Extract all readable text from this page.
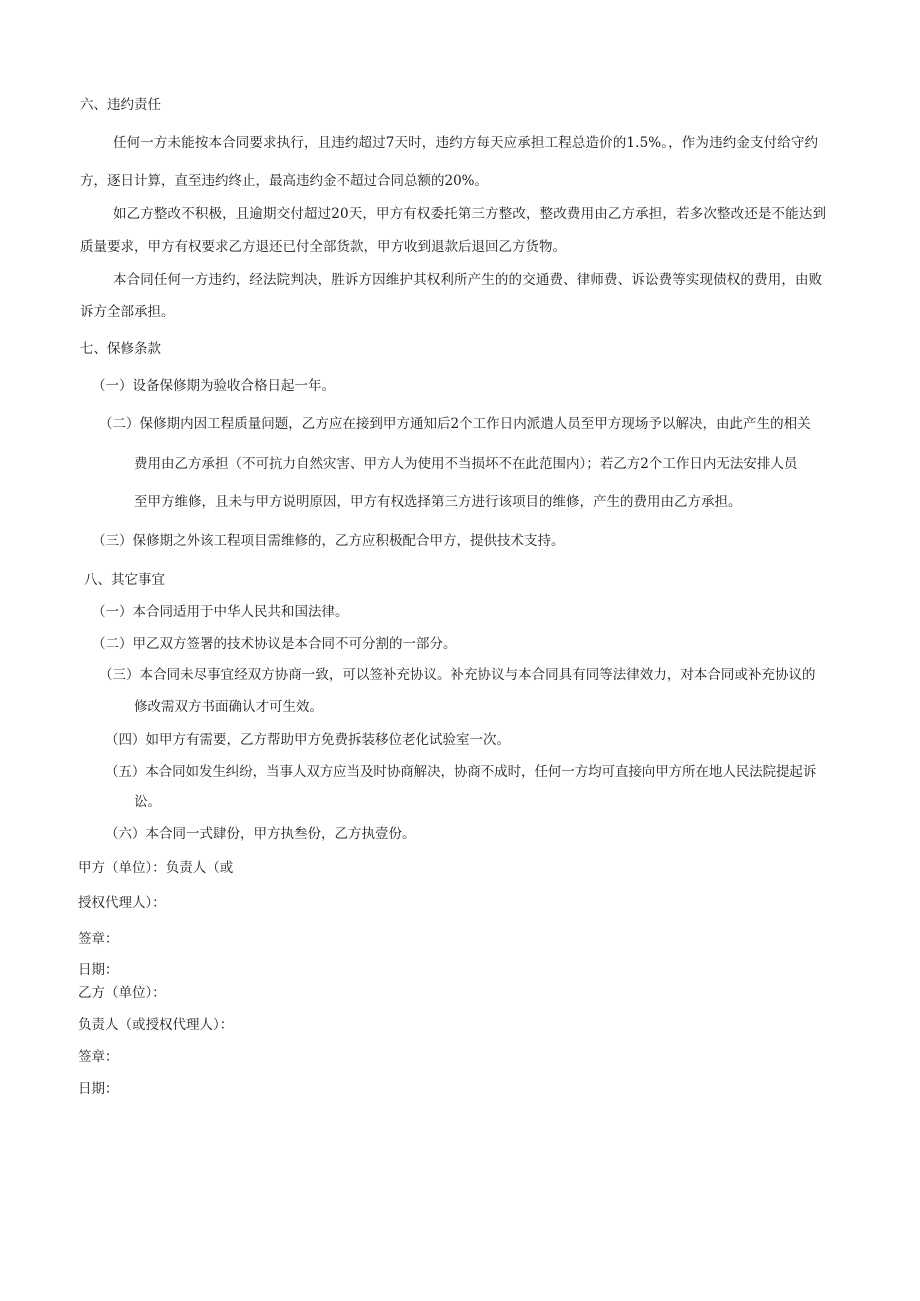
六、违约责任
任何一方未能按本合同要求执行，且违约超过7天时，违约方每天应承担工程总造价的1.5%。，作为违约金支付给守约
方，逐日计算，直至违约终止，最高违约金不超过合同总额的20%。
如乙方整改不积极，且逾期交付超过20天，甲方有权委托第三方整改，整改费用由乙方承担，若多次整改还是不能达到
质量要求，甲方有权要求乙方退还已付全部货款，甲方收到退款后退回乙方货物。
本合同任何一方违约，经法院判决，胜诉方因维护其权利所产生的的交通费、律师费、诉讼费等实现债权的费用，由败
诉方全部承担。
七、保修条款
（一）设备保修期为验收合格日起一年。
（二）保修期内因工程质量问题，乙方应在接到甲方通知后2个工作日内派遣人员至甲方现场予以解决，由此产生的相关
费用由乙方承担（不可抗力自然灾害、甲方人为使用不当损坏不在此范围内）；若乙方2个工作日内无法安排人员
至甲方维修，且未与甲方说明原因，甲方有权选择第三方进行该项目的维修，产生的费用由乙方承担。
（三）保修期之外该工程项目需维修的，乙方应积极配合甲方，提供技术支持。
八、其它事宜
（一）本合同适用于中华人民共和国法律。
（二）甲乙双方签署的技术协议是本合同不可分割的一部分。
（三）本合同未尽事宜经双方协商一致，可以签补充协议。补充协议与本合同具有同等法律效力，对本合同或补充协议的
修改需双方书面确认才可生效。
（四）如甲方有需要，乙方帮助甲方免费拆装移位老化试验室一次。
（五）本合同如发生纠纷，当事人双方应当及时协商解决，协商不成时，任何一方均可直接向甲方所在地人民法院提起诉
讼。
（六）本合同一式肆份，甲方执叁份，乙方执壹份。
甲方（单位）：负责人（或
授权代理人）：
签章：
日期：
乙方（单位）：
负责人（或授权代理人）：
签章：
日期：
